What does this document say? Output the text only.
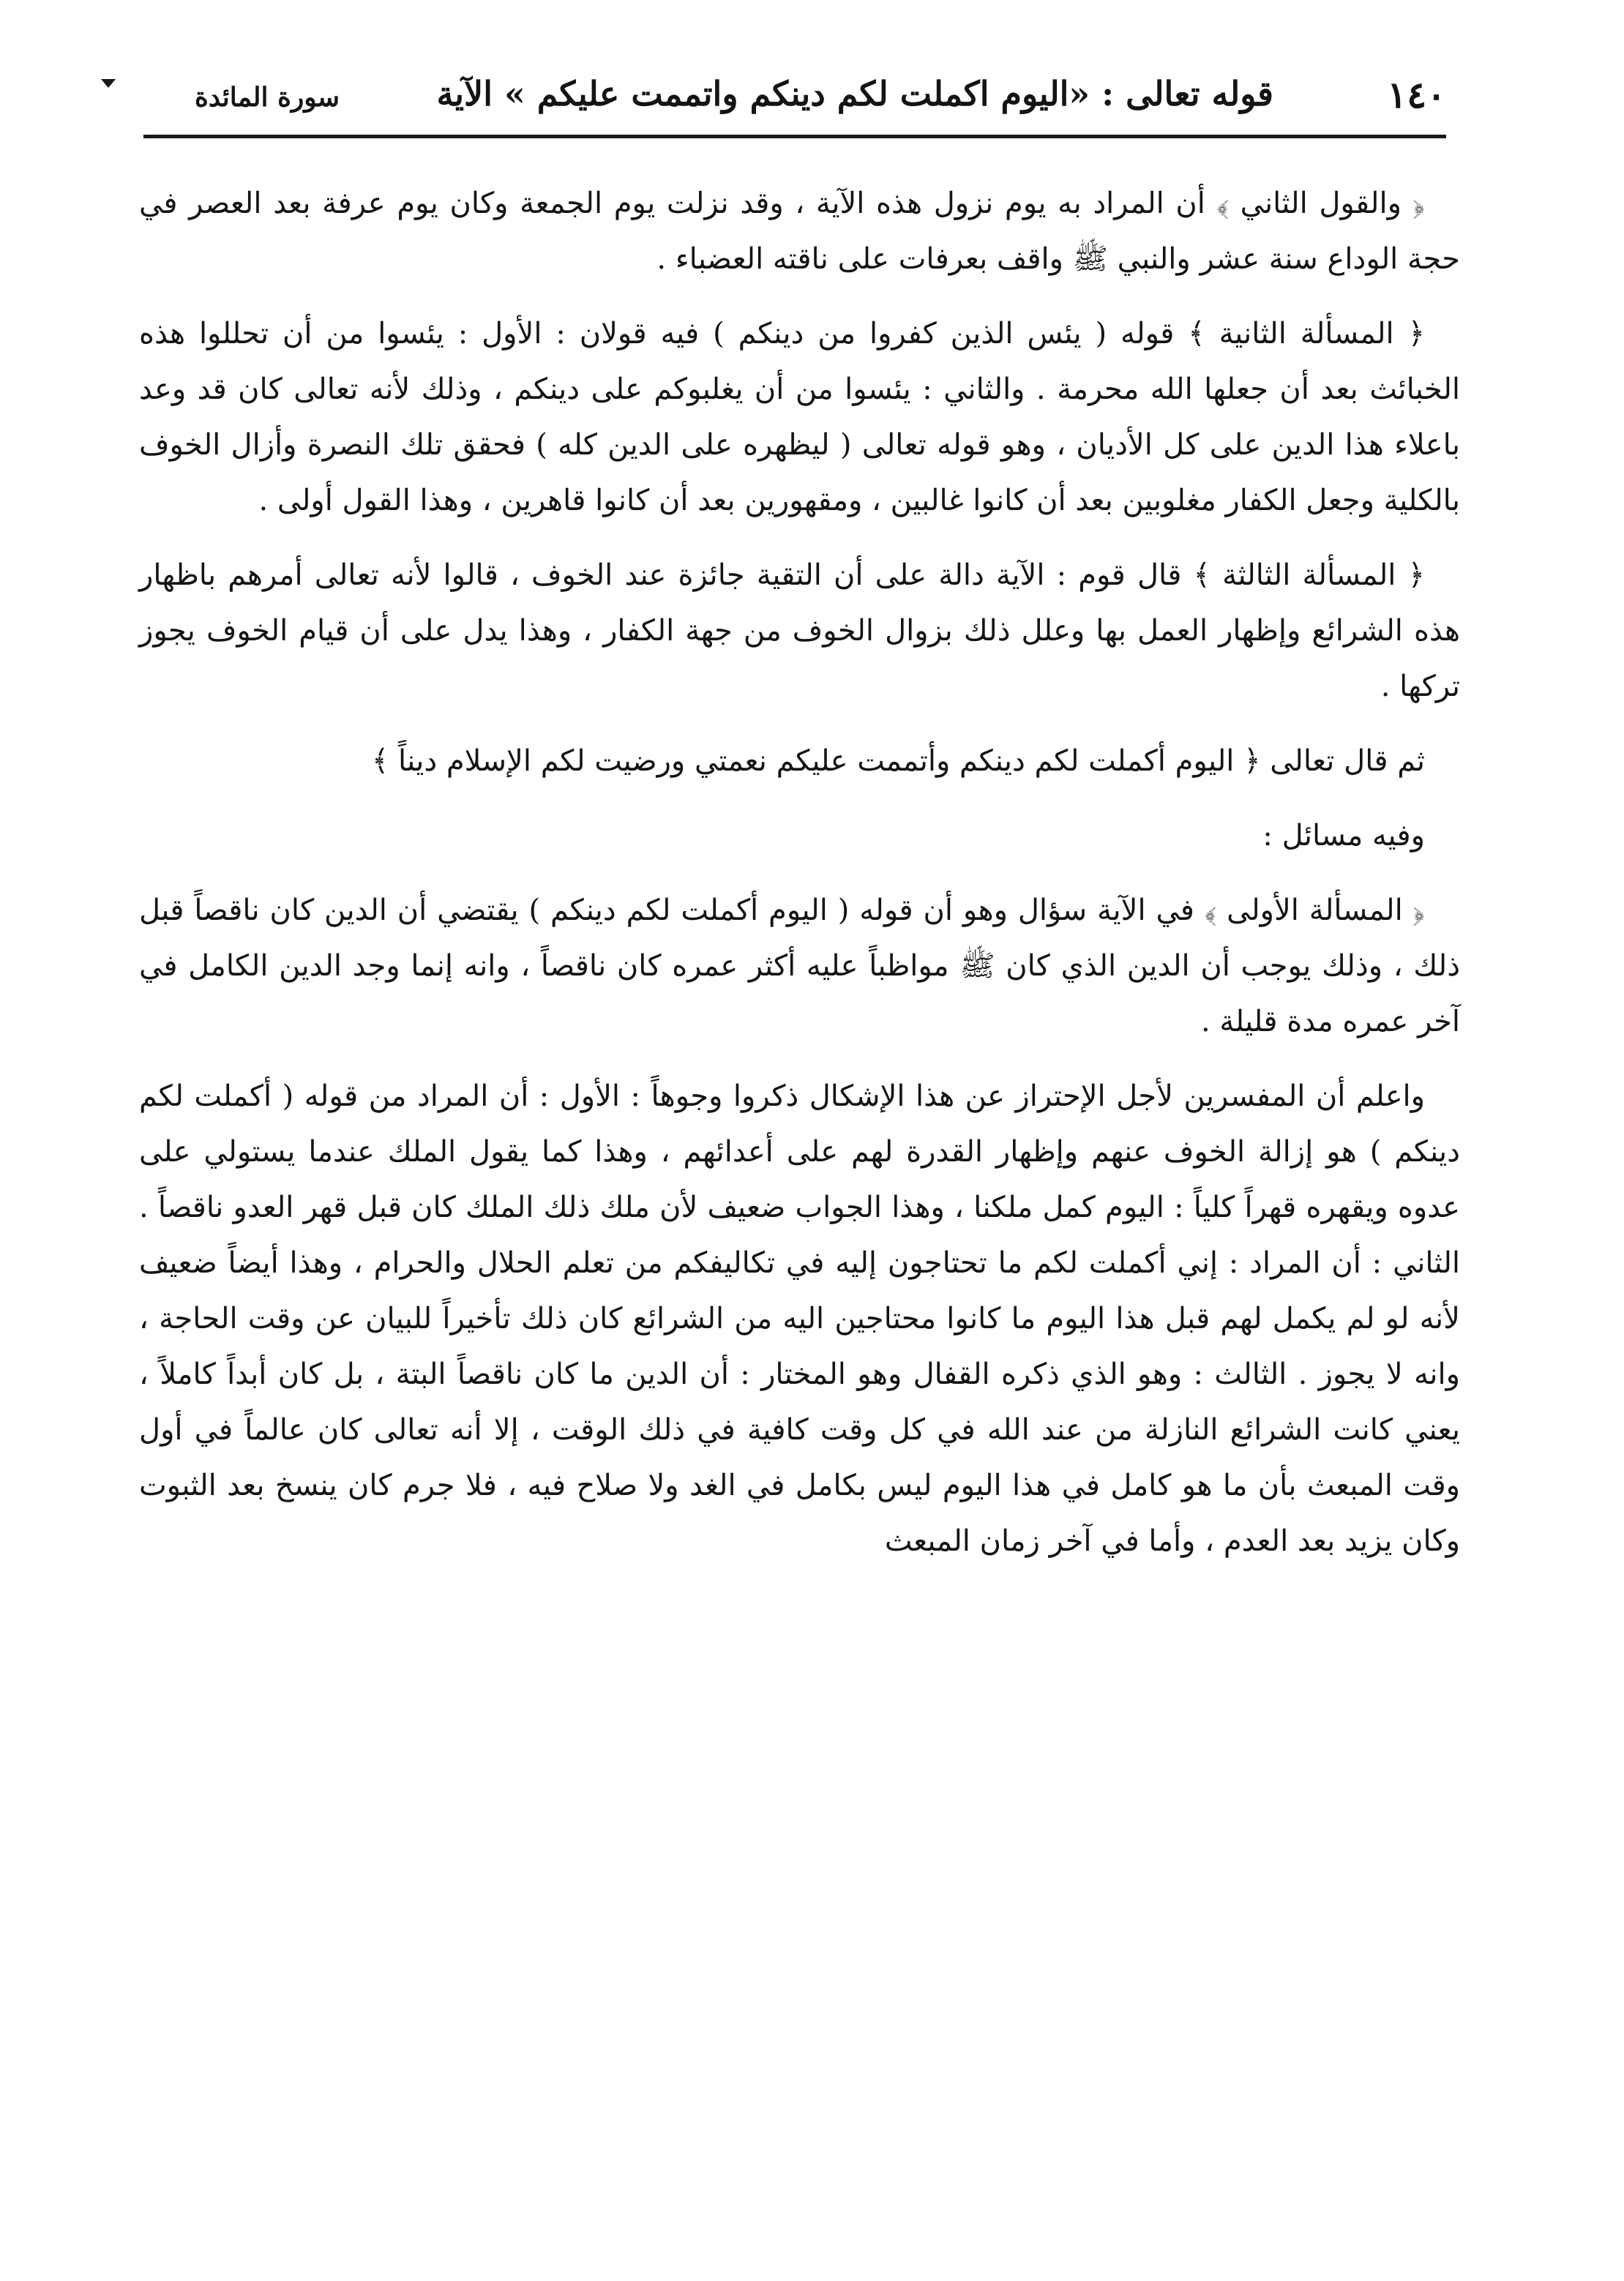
١٤٠
قوله تعالى : «اليوم اكملت لكم دينكم واتممت عليكم » الآية
سورة المائدة

﴿ والقول الثاني ﴾ أن المراد به يوم نزول هذه الآية ، وقد نزلت يوم الجمعة وكان يوم عرفة بعد العصر في حجة الوداع سنة عشر والنبي ﷺ واقف بعرفات على ناقته العضباء .

﴿ المسألة الثانية ﴾ قوله ( يئس الذين كفروا من دينكم ) فيه قولان : الأول : يئسوا من أن تحللوا هذه الخبائث بعد أن جعلها الله محرمة . والثاني : يئسوا من أن يغلبوكم على دينكم ، وذلك لأنه تعالى كان قد وعد باعلاء هذا الدين على كل الأديان ، وهو قوله تعالى ( ليظهره على الدين كله ) فحقق تلك النصرة وأزال الخوف بالكلية وجعل الكفار مغلوبين بعد أن كانوا غالبين ، ومقهورين بعد أن كانوا قاهرين ، وهذا القول أولى .

﴿ المسألة الثالثة ﴾ قال قوم : الآية دالة على أن التقية جائزة عند الخوف ، قالوا لأنه تعالى أمرهم باظهار هذه الشرائع وإظهار العمل بها وعلل ذلك بزوال الخوف من جهة الكفار ، وهذا يدل على أن قيام الخوف يجوز تركها .

ثم قال تعالى ﴿ اليوم أكملت لكم دينكم وأتممت عليكم نعمتي ورضيت لكم الإسلام ديناً ﴾

وفيه مسائل :

﴿ المسألة الأولى ﴾ في الآية سؤال وهو أن قوله ( اليوم أكملت لكم دينكم ) يقتضي أن الدين كان ناقصاً قبل ذلك ، وذلك يوجب أن الدين الذي كان ﷺ مواظباً عليه أكثر عمره كان ناقصاً ، وانه إنما وجد الدين الكامل في آخر عمره مدة قليلة .

واعلم أن المفسرين لأجل الإحتراز عن هذا الإشكال ذكروا وجوهاً : الأول : أن المراد من قوله ( أكملت لكم دينكم ) هو إزالة الخوف عنهم وإظهار القدرة لهم على أعدائهم ، وهذا كما يقول الملك عندما يستولي على عدوه ويقهره قهراً كلياً : اليوم كمل ملكنا ، وهذا الجواب ضعيف لأن ملك ذلك الملك كان قبل قهر العدو ناقصاً . الثاني : أن المراد : إني أكملت لكم ما تحتاجون إليه في تكاليفكم من تعلم الحلال والحرام ، وهذا أيضاً ضعيف لأنه لو لم يكمل لهم قبل هذا اليوم ما كانوا محتاجين اليه من الشرائع كان ذلك تأخيراً للبيان عن وقت الحاجة ، وانه لا يجوز . الثالث : وهو الذي ذكره القفال وهو المختار : أن الدين ما كان ناقصاً البتة ، بل كان أبداً كاملاً ، يعني كانت الشرائع النازلة من عند الله في كل وقت كافية في ذلك الوقت ، إلا أنه تعالى كان عالماً في أول وقت المبعث بأن ما هو كامل في هذا اليوم ليس بكامل في الغد ولا صلاح فيه ، فلا جرم كان ينسخ بعد الثبوت وكان يزيد بعد العدم ، وأما في آخر زمان المبعث
